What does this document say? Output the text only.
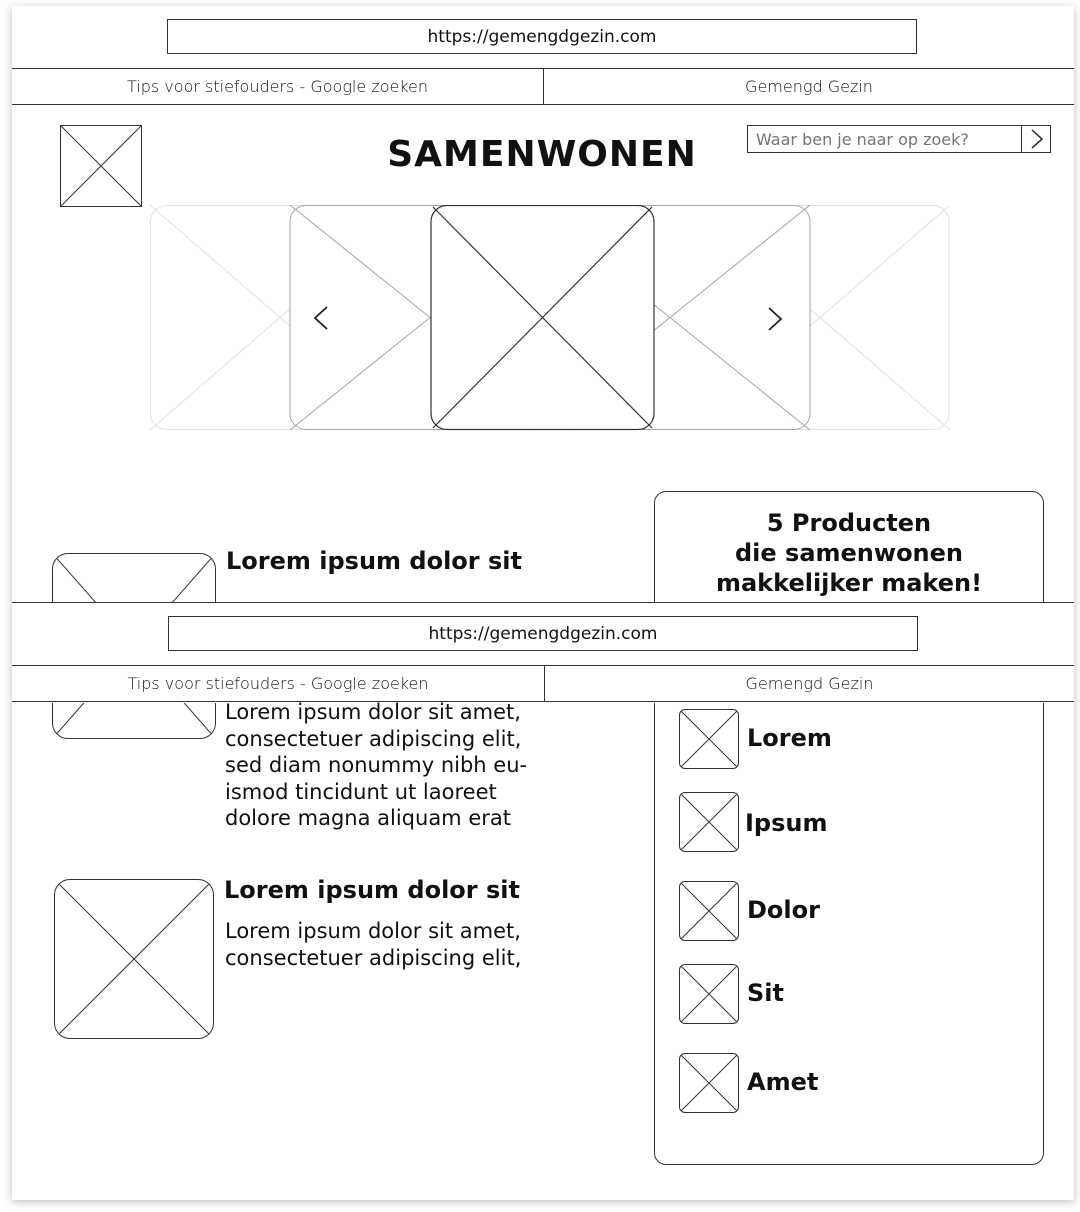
https://gemengdgezin.com
Tips voor stiefouders - Google zoeken	Gemengd Gezin
SAMENWONEN
Waar ben je naar op zoek?
Lorem ipsum dolor sit
5 Producten
die samenwonen
makkelijker maken!
https://gemengdgezin.com
Tips voor stiefouders - Google zoeken	Gemengd Gezin
Lorem ipsum dolor sit amet,
consectetuer adipiscing elit,
sed diam nonummy nibh eu-
ismod tincidunt ut laoreet
dolore magna aliquam erat
Lorem ipsum dolor sit
Lorem ipsum dolor sit amet,
consectetuer adipiscing elit,
Lorem
Ipsum
Dolor
Sit
Amet
